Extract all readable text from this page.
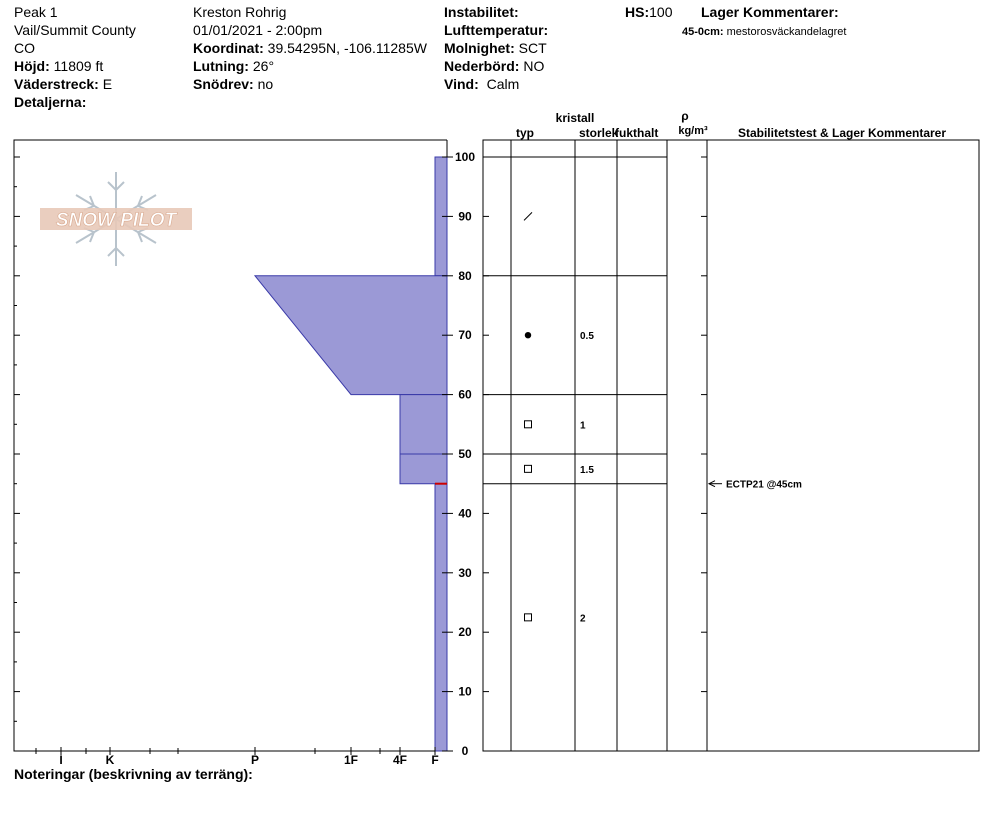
Peak 1
Vail/Summit County
CO
Höjd: 11809 ft
Väderstreck: E
Detaljerna:
Kreston Rohrig
01/01/2021 - 2:00pm
Koordinat: 39.54295N, -106.11285W
Lutning: 26°
Snödrev: no
Instabilitet:
Lufttemperatur:
Molnighet: SCT
Nederbörd: NO
Vind: Calm
HS:100 Lager Kommentarer:
45-0cm: mestorosväckandelagret
Noteringar (beskrivning av terräng):
SNOW PILOT
typ
kristall
storlek
fukthalt
ρ
kg/m³	Stabilitetstest & Lager Kommentarer
0
10
20
30
40
50
60
70
80
90
100
I	K	P	1F	4F F
0.5
1
1.5
2
ECTP21 @45cm
